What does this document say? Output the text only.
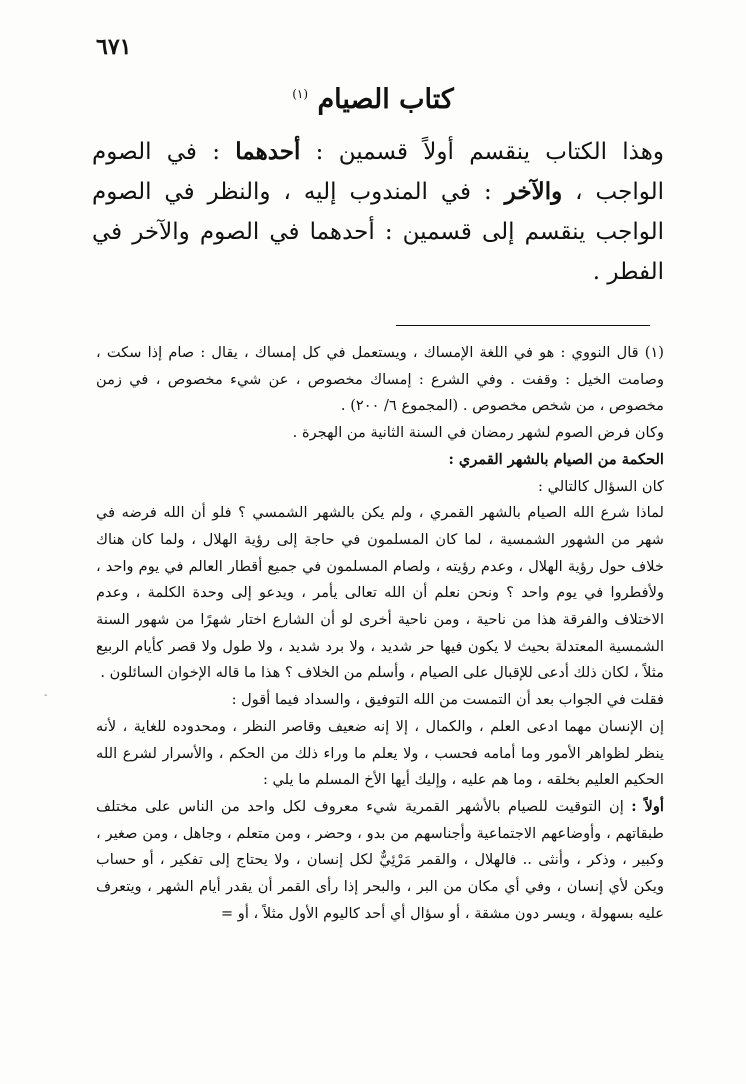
٦٧١
كتاب الصيام $^{(١)}$
وهذا الكتاب ينقسم أولاً قسمين : أحدهما : في الصوم الواجب ، والآخر : في المندوب إليه ، والنظر في الصوم الواجب ينقسم إلى قسمين : أحدهما في الصوم والآخر في الفطر .

(١) قال النووي : هو في اللغة الإمساك ، ويستعمل في كل إمساك ، يقال : صام إذا سكت ، وصامت الخيل : وقفت . وفي الشرع : إمساك مخصوص ، عن شيء مخصوص ، في زمن مخصوص ، من شخص مخصوص . (المجموع ٦/ ٢٠٠) .

وكان فرض الصوم لشهر رمضان في السنة الثانية من الهجرة .

الحكمة من الصيام بالشهر القمري :

كان السؤال كالتالي :

لماذا شرع الله الصيام بالشهر القمري ، ولم يكن بالشهر الشمسي ؟ فلو أن الله فرضه في شهر من الشهور الشمسية ، لما كان المسلمون في حاجة إلى رؤية الهلال ، ولما كان هناك خلاف حول رؤية الهلال ، وعدم رؤيته ، ولصام المسلمون في جميع أقطار العالم في يوم واحد ، ولأفطروا في يوم واحد ؟ ونحن نعلم أن الله تعالى يأمر ، ويدعو إلى وحدة الكلمة ، وعدم الاختلاف والفرقة هذا من ناحية ، ومن ناحية أخرى لو أن الشارع اختار شهرًا من شهور السنة الشمسية المعتدلة بحيث لا يكون فيها حر شديد ، ولا برد شديد ، ولا طول ولا قصر كأيام الربيع مثلاً ، لكان ذلك أدعى للإقبال على الصيام ، وأسلم من الخلاف ؟ هذا ما قاله الإخوان السائلون .

فقلت في الجواب بعد أن التمست من الله التوفيق ، والسداد فيما أقول :

إن الإنسان مهما ادعى العلم ، والكمال ، إلا إنه ضعيف وقاصر النظر ، ومحدوده للغاية ، لأنه ينظر لظواهر الأمور وما أمامه فحسب ، ولا يعلم ما وراء ذلك من الحكم ، والأسرار لشرع الله الحكيم العليم بخلقه ، وما هم عليه ، وإليك أيها الأخ المسلم ما يلي :

أولاً : إن التوقيت للصيام بالأشهر القمرية شيء معروف لكل واحد من الناس على مختلف طبقاتهم ، وأوضاعهم الاجتماعية وأجناسهم من بدو ، وحضر ، ومن متعلم ، وجاهل ، ومن صغير ، وكبير ، وذكر ، وأنثى .. فالهلال ، والقمر مَرْئِيٌّ لكل إنسان ، ولا يحتاج إلى تفكير ، أو حساب ويكن لأي إنسان ، وفي أي مكان من البر ، والبحر إذا رأى القمر أن يقدر أيام الشهر ، ويتعرف عليه بسهولة ، ويسر دون مشقة ، أو سؤال أي أحد كاليوم الأول مثلاً ، أو =

-
